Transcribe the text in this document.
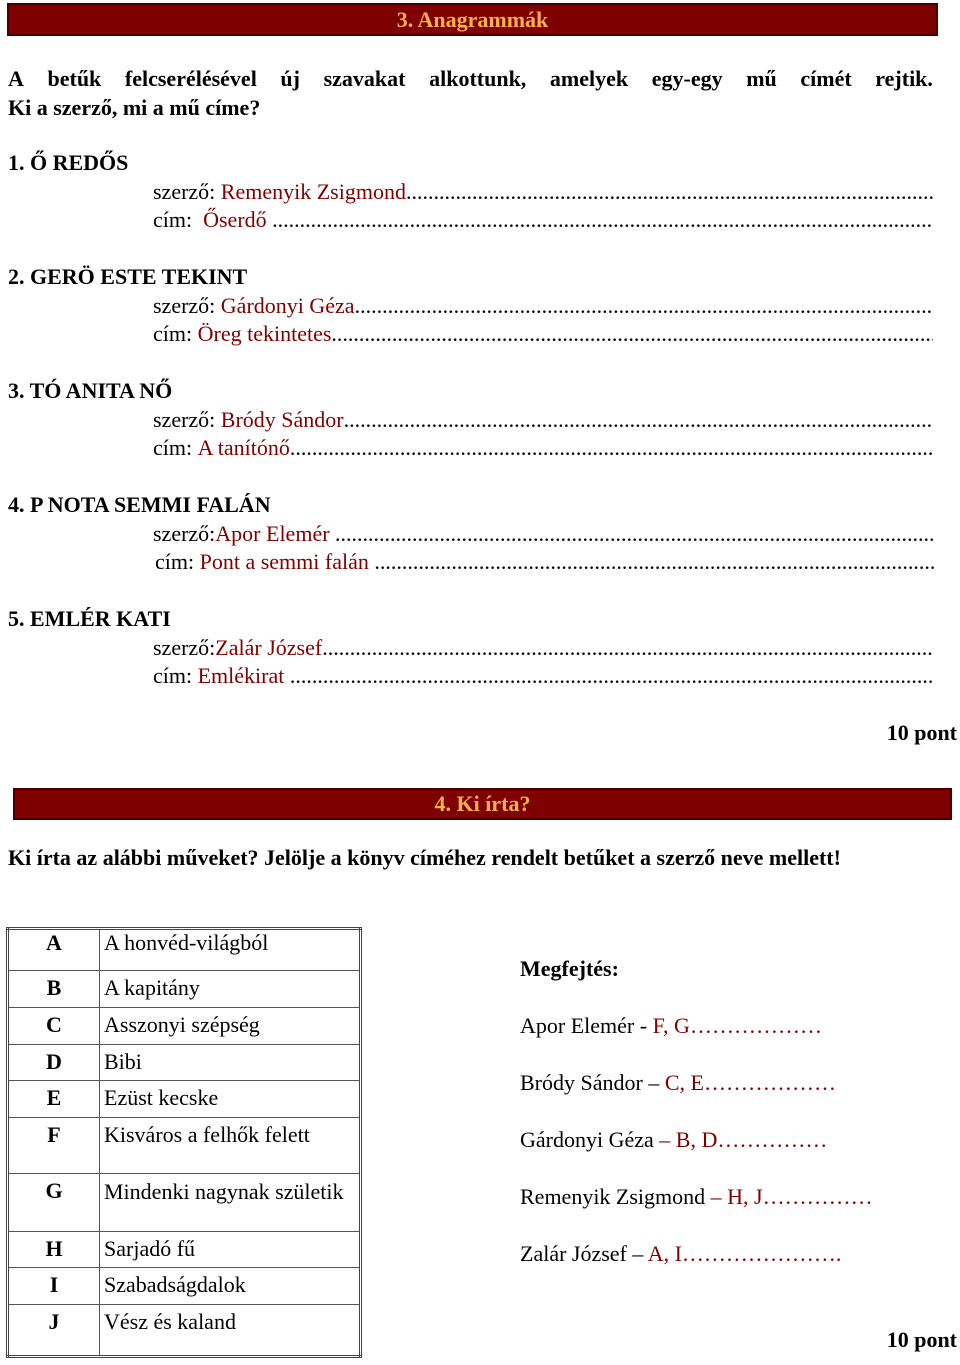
3. Anagrammák
A betűk felcserélésével új szavakat alkottunk, amelyek egy-egy mű címét rejtik.
Ki a szerző, mi a mű címe?
1. Ő REDŐS
szerző:
Remenyik Zsigmond
.....
cím:
Őserdő

.....
2. GERÖ ESTE TEKINT
szerző:
Gárdonyi Géza
.....
cím:
Öreg tekintetes
.....
3. TÓ ANITA NŐ
szerző:
Bródy Sándor
.....
cím:
A tanítónő
.....
4. P NOTA SEMMI FALÁN
szerző: Apor Elemér

.....
cím:
Pont a semmi falán

.....
5. EMLÉR KATI
szerző: Zalár József
.....
cím:
Emlékirat

.....
10 pont
4. Ki írta?
Ki írta az alábbi műveket? Jelölje a könyv címéhez rendelt betűket a szerző neve mellett!
A	A honvéd-világból
B	A kapitány
C	Asszonyi szépség
D	Bibi
E	Ezüst kecske
F	Kisváros a felhők felett
G	Mindenki nagynak születik
H	Sarjadó fű
I	Szabadságdalok
J	Vész és kaland
Megfejtés:
Apor Elemér - F, G………………
Bródy Sándor – C, E………………
Gárdonyi Géza – B, D……………
Remenyik Zsigmond – H, J……………
Zalár József – A, I………………….
10 pont
